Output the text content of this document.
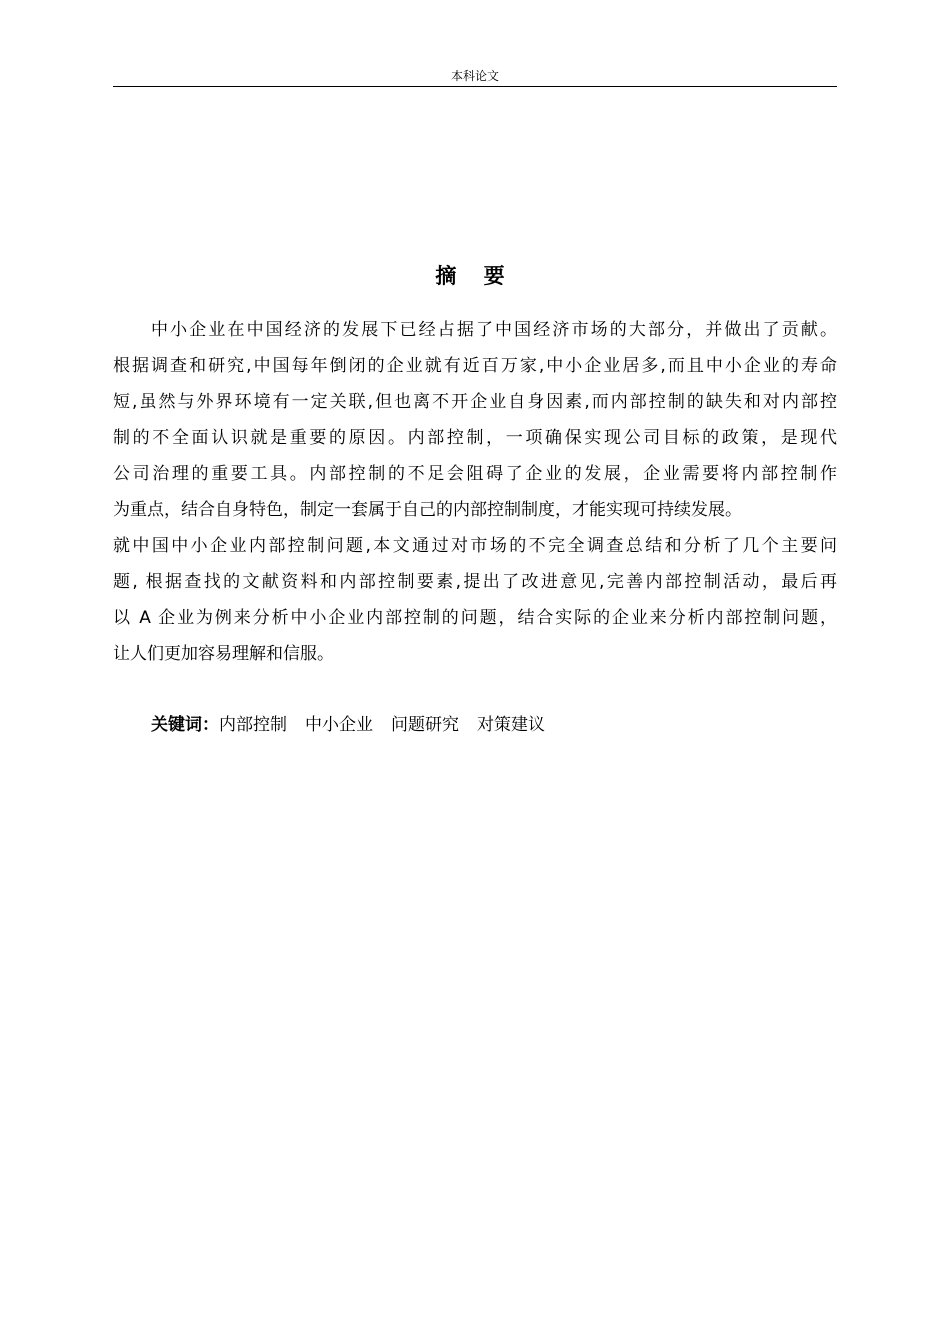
本科论文
摘 要
中小企业在中国经济的发展下已经占据了中国经济市场的大部分，并做出了贡献。
根据调查和研究,中国每年倒闭的企业就有近百万家,中小企业居多,而且中小企业的寿命
短,虽然与外界环境有一定关联,但也离不开企业自身因素,而内部控制的缺失和对内部控
制的不全面认识就是重要的原因。内部控制，一项确保实现公司目标的政策，是现代
公司治理的重要工具。内部控制的不足会阻碍了企业的发展，企业需要将内部控制作
为重点，结合自身特色，制定一套属于自己的内部控制制度，才能实现可持续发展。
就中国中小企业内部控制问题,本文通过对市场的不完全调查总结和分析了几个主要问
题, 根据查找的文献资料和内部控制要素,提出了改进意见,完善内部控制活动，最后再
以 A 企业为例来分析中小企业内部控制的问题，结合实际的企业来分析内部控制问题，
让人们更加容易理解和信服。
关键词：内部控制 中小企业 问题研究 对策建议
